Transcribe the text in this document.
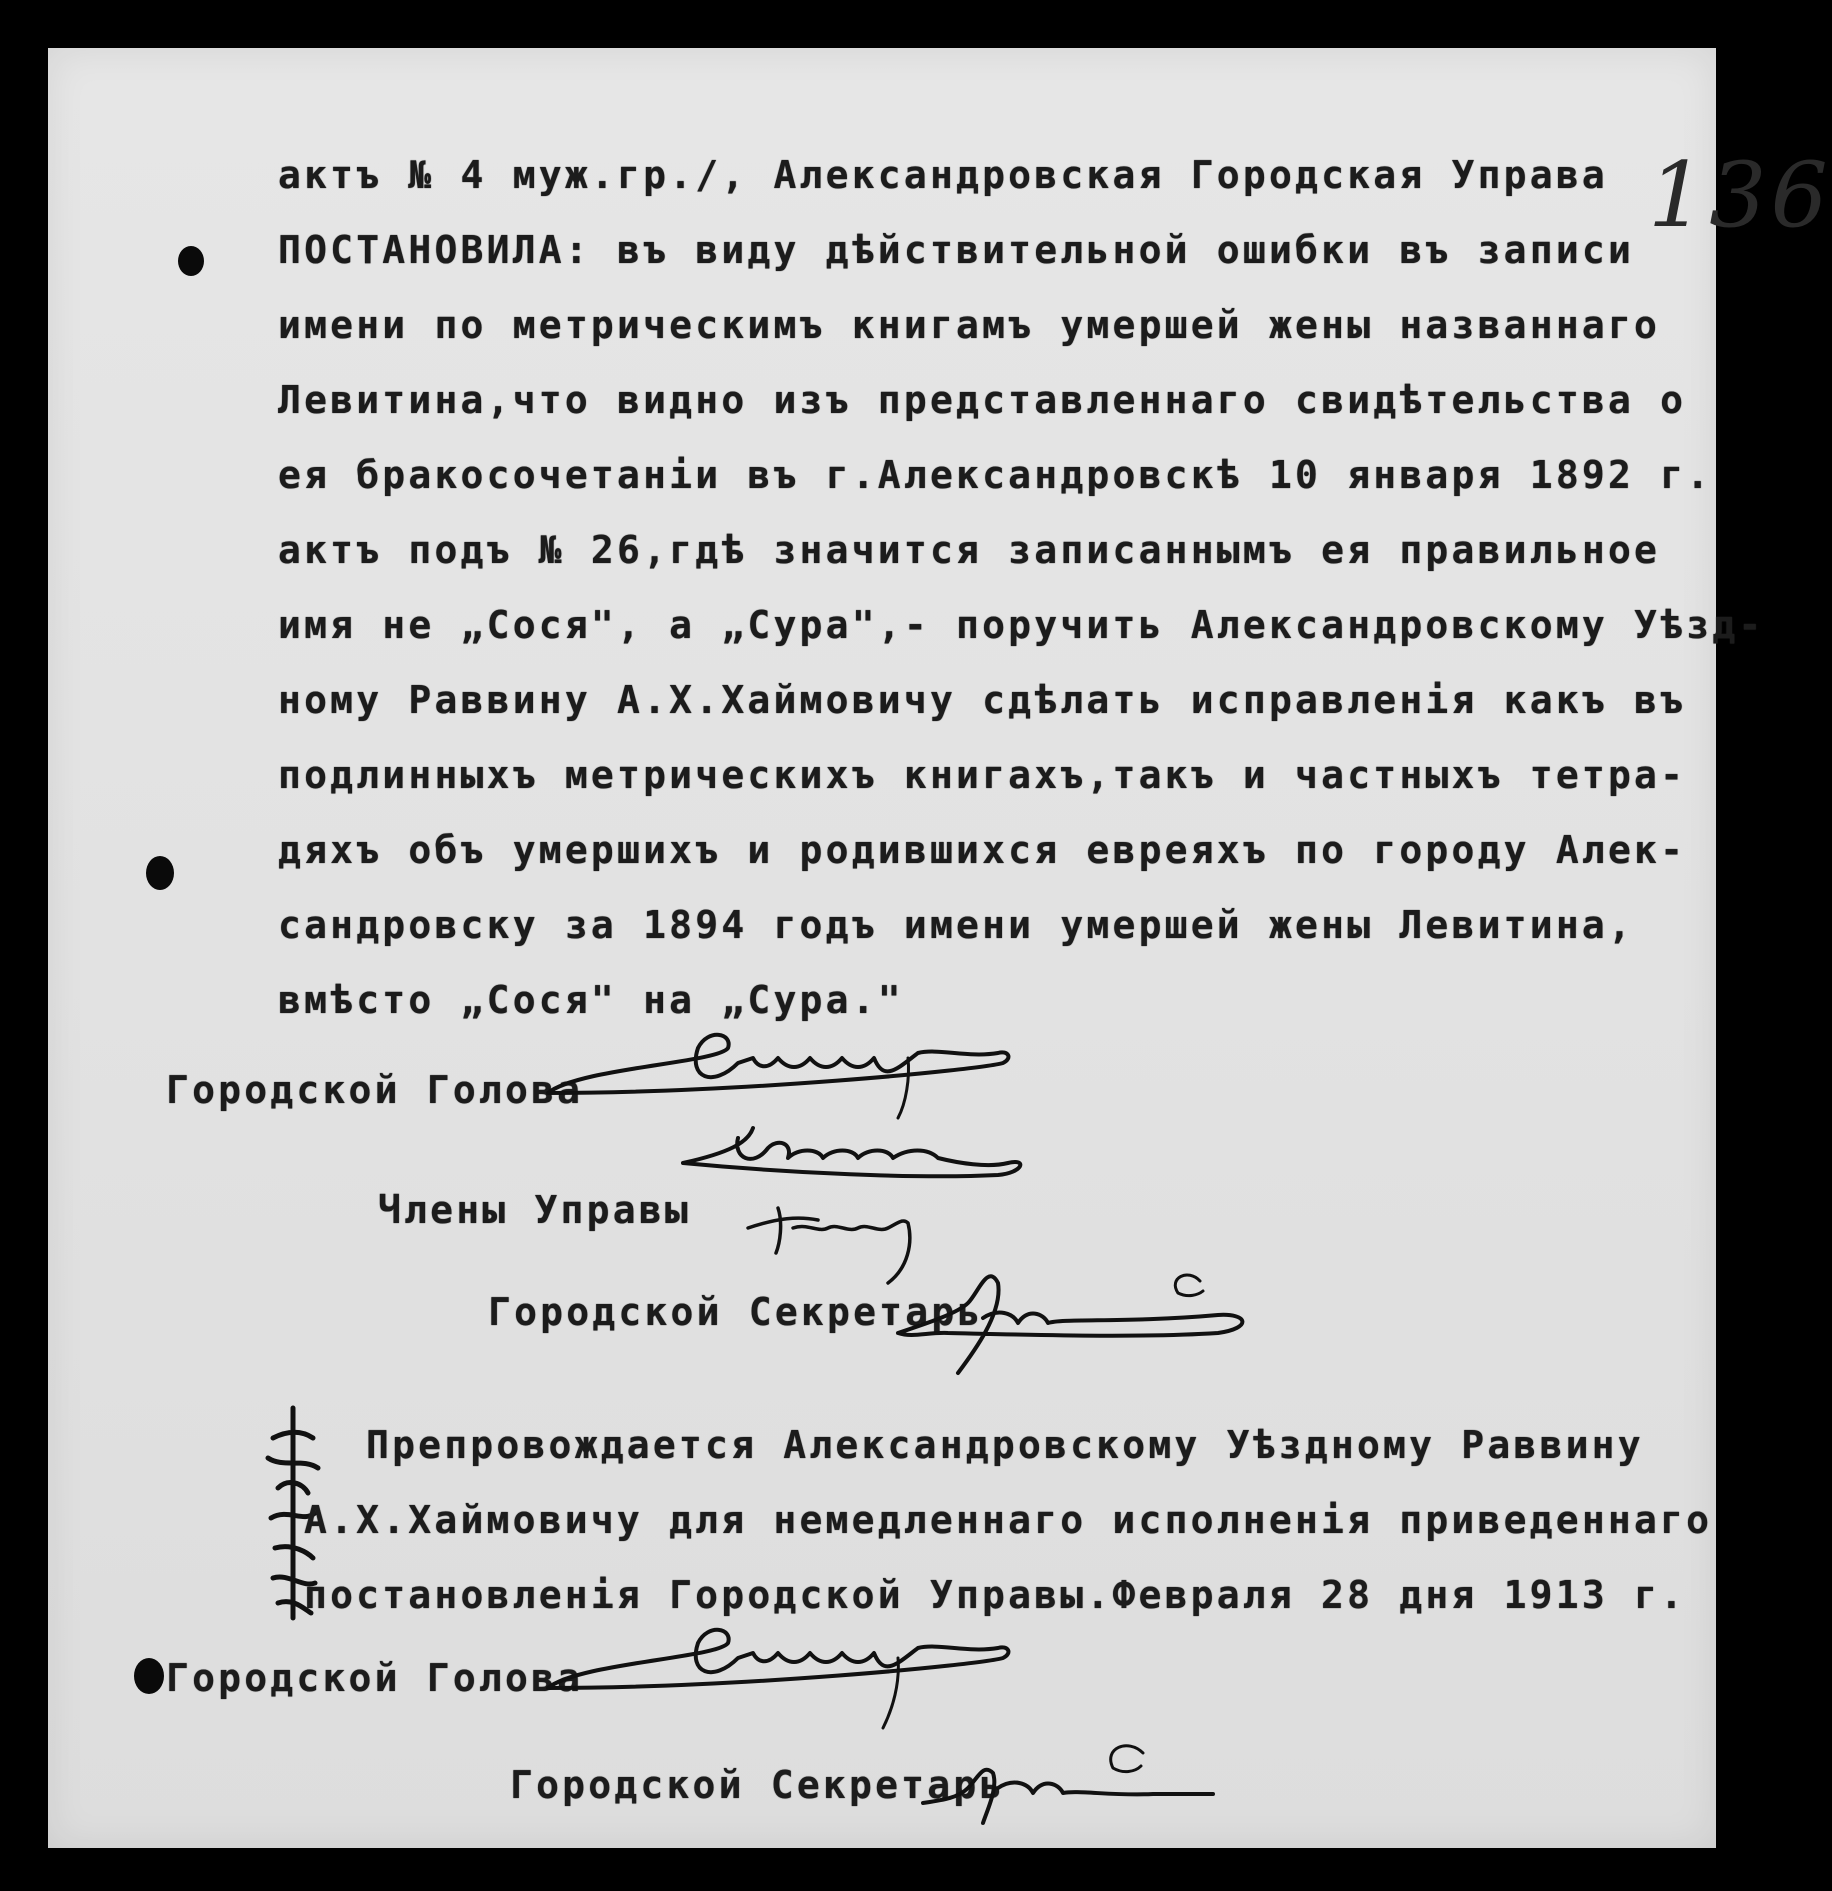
136
актъ № 4 муж.гр./, Александровская Городская Управа
ПОСТАНОВИЛА: въ виду дѣйствительной ошибки въ записи
имени по метрическимъ книгамъ умершей жены названнаго
Левитина,что видно изъ представленнаго свидѣтельства о
ея бракосочетанiи въ г.Александровскѣ 10 января 1892 г.
актъ подъ № 26,гдѣ значится записаннымъ ея правильное
имя не „Сося", а „Сура",- поручить Александровскому Уѣзд-
ному Раввину А.Х.Хаймовичу сдѣлать исправленiя какъ въ
подлинныхъ метрическихъ книгахъ,такъ и частныхъ тетра-
дяхъ объ умершихъ и родившихся евреяхъ по городу Алек-
сандровску за 1894 годъ имени умершей жены Левитина,
вмѣсто „Сося" на „Сура."
Городской Голова
Члены Управы
Городской Секретарь
Препровождается Александровскому Уѣздному Раввину
А.Х.Хаймовичу для немедленнаго исполненiя приведеннаго
постановленiя Городской Управы.Февраля 28 дня 1913 г.
Городской Голова
Городской Секретарь
